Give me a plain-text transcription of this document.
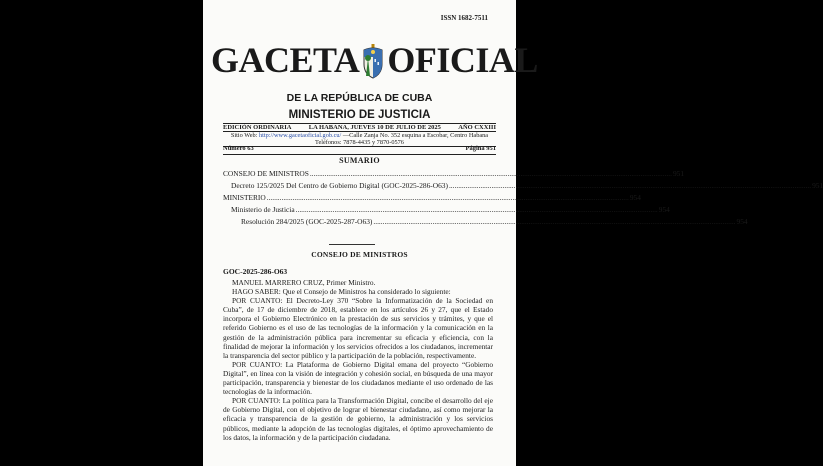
ISSN 1682-7511
GACETA OFICIAL
DE LA REPÚBLICA DE CUBA
MINISTERIO DE JUSTICIA
EDICIÓN ORDINARIA	LA HABANA, JUEVES 10 DE JULIO DE 2025	AÑO CXXIII
Sitio Web: http://www.gacetaoficial.gob.cu/ —Calle Zanja No. 352 esquina a Escobar, Centro Habana
Teléfonos: 7878-4435 y 7870-0576
Número 63	Página 951
SUMARIO
CONSEJO DE MINISTROS .....	951
Decreto 125/2025 Del Centro de Gobierno Digital (GOC-2025-286-O63) .....	951
MINISTERIO .....	954
Ministerio de Justicia .....	954
Resolución 284/2025 (GOC-2025-287-O63) .....	954
CONSEJO DE MINISTROS
GOC-2025-286-O63

MANUEL MARRERO CRUZ, Primer Ministro.

HAGO SABER: Que el Consejo de Ministros ha considerado lo siguiente:

POR CUANTO: El Decreto-Ley 370 “Sobre la Informatización de la Sociedad en Cuba”, de 17 de diciembre de 2018, establece en los artículos 26 y 27, que el Estado incorpora el Gobierno Electrónico en la prestación de sus servicios y trámites, y que el referido Gobierno es el uso de las tecnologías de la información y la comunicación en la gestión de la administración pública para incrementar su eficacia y eficiencia, con la finalidad de mejorar la información y los servicios ofrecidos a los ciudadanos, incrementar la transparencia del sector público y la participación de la población, respectivamente.

POR CUANTO: La Plataforma de Gobierno Digital emana del proyecto “Gobierno Digital”, en línea con la visión de integración y cohesión social, en búsqueda de una mayor participación, transparencia y bienestar de los ciudadanos mediante el uso ordenado de las tecnologías de la información.

POR CUANTO: La política para la Transformación Digital, concibe el desarrollo del eje de Gobierno Digital, con el objetivo de lograr el bienestar ciudadano, así como mejorar la eficacia y transparencia de la gestión de gobierno, la administración y los servicios públicos, mediante la adopción de las tecnologías digitales, el óptimo aprovechamiento de los datos, la información y de la participación ciudadana.
